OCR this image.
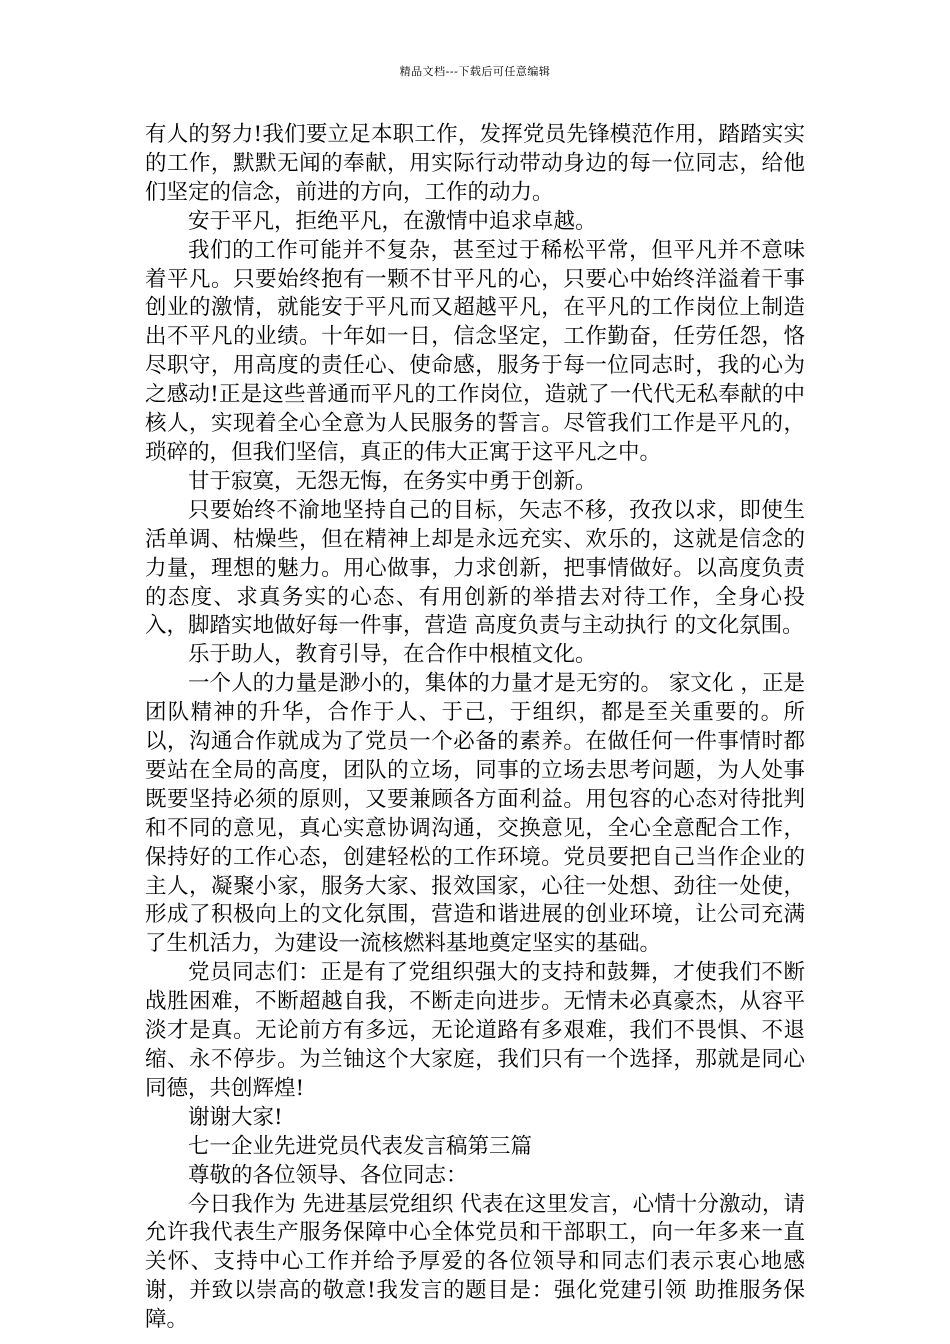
精品文档---下载后可任意编辑

有人的努力!我们要立足本职工作，发挥党员先锋模范作用，踏踏实实的工作，默默无闻的奉献，用实际行动带动身边的每一位同志，给他们坚定的信念，前进的方向，工作的动力。

安于平凡，拒绝平凡，在激情中追求卓越。

我们的工作可能并不复杂，甚至过于稀松平常，但平凡并不意味着平凡。只要始终抱有一颗不甘平凡的心，只要心中始终洋溢着干事创业的激情，就能安于平凡而又超越平凡，在平凡的工作岗位上制造出不平凡的业绩。十年如一日，信念坚定，工作勤奋，任劳任怨，恪尽职守，用高度的责任心、使命感，服务于每一位同志时，我的心为之感动!正是这些普通而平凡的工作岗位，造就了一代代无私奉献的中核人，实现着全心全意为人民服务的誓言。尽管我们工作是平凡的，琐碎的，但我们坚信，真正的伟大正寓于这平凡之中。

甘于寂寞，无怨无悔，在务实中勇于创新。

只要始终不渝地坚持自己的目标，矢志不移，孜孜以求，即使生活单调、枯燥些，但在精神上却是永远充实、欢乐的，这就是信念的力量，理想的魅力。用心做事，力求创新，把事情做好。以高度负责的态度、求真务实的心态、有用创新的举措去对待工作，全身心投入，脚踏实地做好每一件事，营造 高度负责与主动执行 的文化氛围。

乐于助人，教育引导，在合作中根植文化。

一个人的力量是渺小的，集体的力量才是无穷的。 家文化 ，正是团队精神的升华，合作于人、于己，于组织，都是至关重要的。所以，沟通合作就成为了党员一个必备的素养。在做任何一件事情时都要站在全局的高度，团队的立场，同事的立场去思考问题，为人处事既要坚持必须的原则，又要兼顾各方面利益。用包容的心态对待批判和不同的意见，真心实意协调沟通，交换意见，全心全意配合工作，保持好的工作心态，创建轻松的工作环境。党员要把自己当作企业的主人，凝聚小家，服务大家、报效国家，心往一处想、劲往一处使，形成了积极向上的文化氛围，营造和谐进展的创业环境，让公司充满了生机活力，为建设一流核燃料基地奠定坚实的基础。

党员同志们：正是有了党组织强大的支持和鼓舞，才使我们不断战胜困难，不断超越自我，不断走向进步。无情未必真豪杰，从容平淡才是真。无论前方有多远，无论道路有多艰难，我们不畏惧、不退缩、永不停步。为兰铀这个大家庭，我们只有一个选择，那就是同心同德，共创辉煌!

谢谢大家!

七一企业先进党员代表发言稿第三篇

尊敬的各位领导、各位同志：

今日我作为 先进基层党组织 代表在这里发言，心情十分激动，请允许我代表生产服务保障中心全体党员和干部职工，向一年多来一直关怀、支持中心工作并给予厚爱的各位领导和同志们表示衷心地感谢，并致以崇高的敬意!我发言的题目是：强化党建引领 助推服务保障。
